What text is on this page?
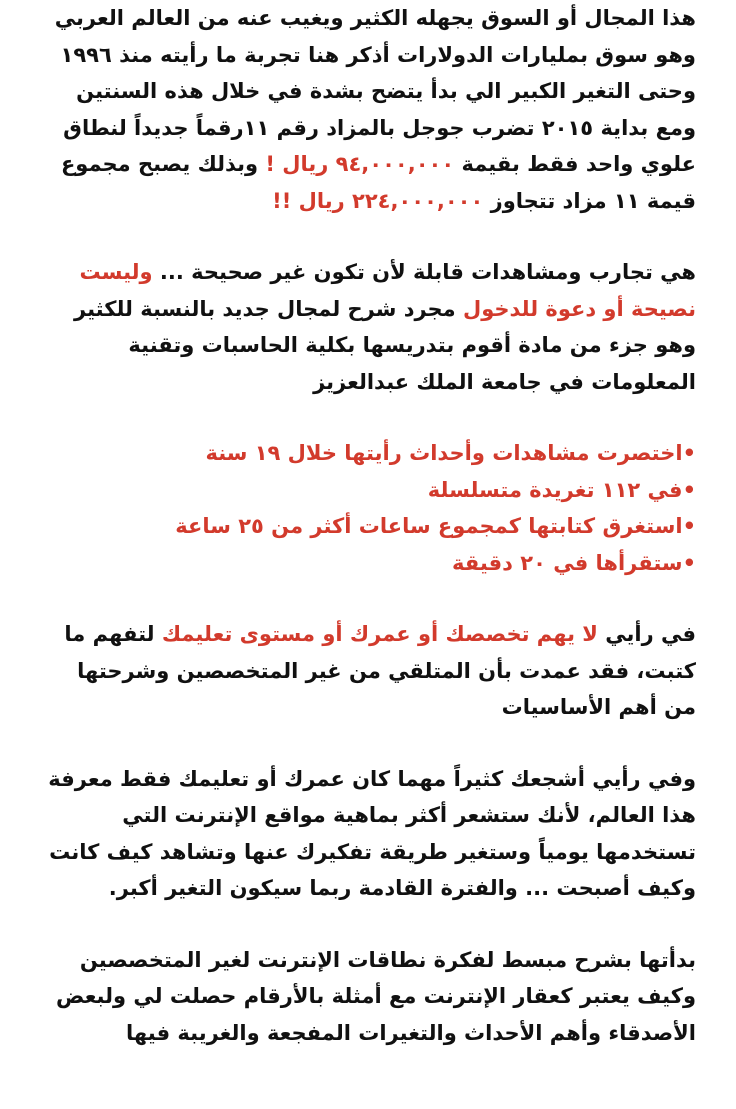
هذا المجال أو السوق يجهله الكثير ويغيب عنه من العالم العربي وهو سوق بمليارات الدولارات أذكر هنا تجربة ما رأيته منذ ١٩٩٦ وحتى التغير الكبير الي بدأ يتضح بشدة في خلال هذه السنتين ومع بداية ٢٠١٥ تضرب جوجل بالمزاد رقم ١١رقماً جديداً لنطاق علوي واحد فقط بقيمة ٩٤,٠٠٠,٠٠٠ ريال ! وبذلك يصبح مجموع قيمة ١١ مزاد تتجاوز ٢٢٤,٠٠٠,٠٠٠ ريال !!

هي تجارب ومشاهدات قابلة لأن تكون غير صحيحة ... وليست نصيحة أو دعوة للدخول مجرد شرح لمجال جديد بالنسبة للكثير وهو جزء من مادة أقوم بتدريسها بكلية الحاسبات وتقنية المعلومات في جامعة الملك عبدالعزيز

•اختصرت مشاهدات وأحداث رأيتها خلال ١٩ سنة
•في ١١٢ تغريدة متسلسلة
•استغرق كتابتها كمجموع ساعات أكثر من ٢٥ ساعة
•ستقرأها في ٢٠ دقيقة

في رأيي لا يهم تخصصك أو عمرك أو مستوى تعليمك لتفهم ما كتبت، فقد عمدت بأن المتلقي من غير المتخصصين وشرحتها من أهم الأساسيات

وفي رأيي أشجعك كثيراً مهما كان عمرك أو تعليمك فقط معرفة هذا العالم، لأنك ستشعر أكثر بماهية مواقع الإنترنت التي تستخدمها يومياً وستغير طريقة تفكيرك عنها وتشاهد كيف كانت وكيف أصبحت ... والفترة القادمة ربما سيكون التغير أكبر.

بدأتها بشرح مبسط لفكرة نطاقات الإنترنت لغير المتخصصين وكيف يعتبر كعقار الإنترنت مع أمثلة بالأرقام حصلت لي ولبعض الأصدقاء وأهم الأحداث والتغيرات المفجعة والغريبة فيها
